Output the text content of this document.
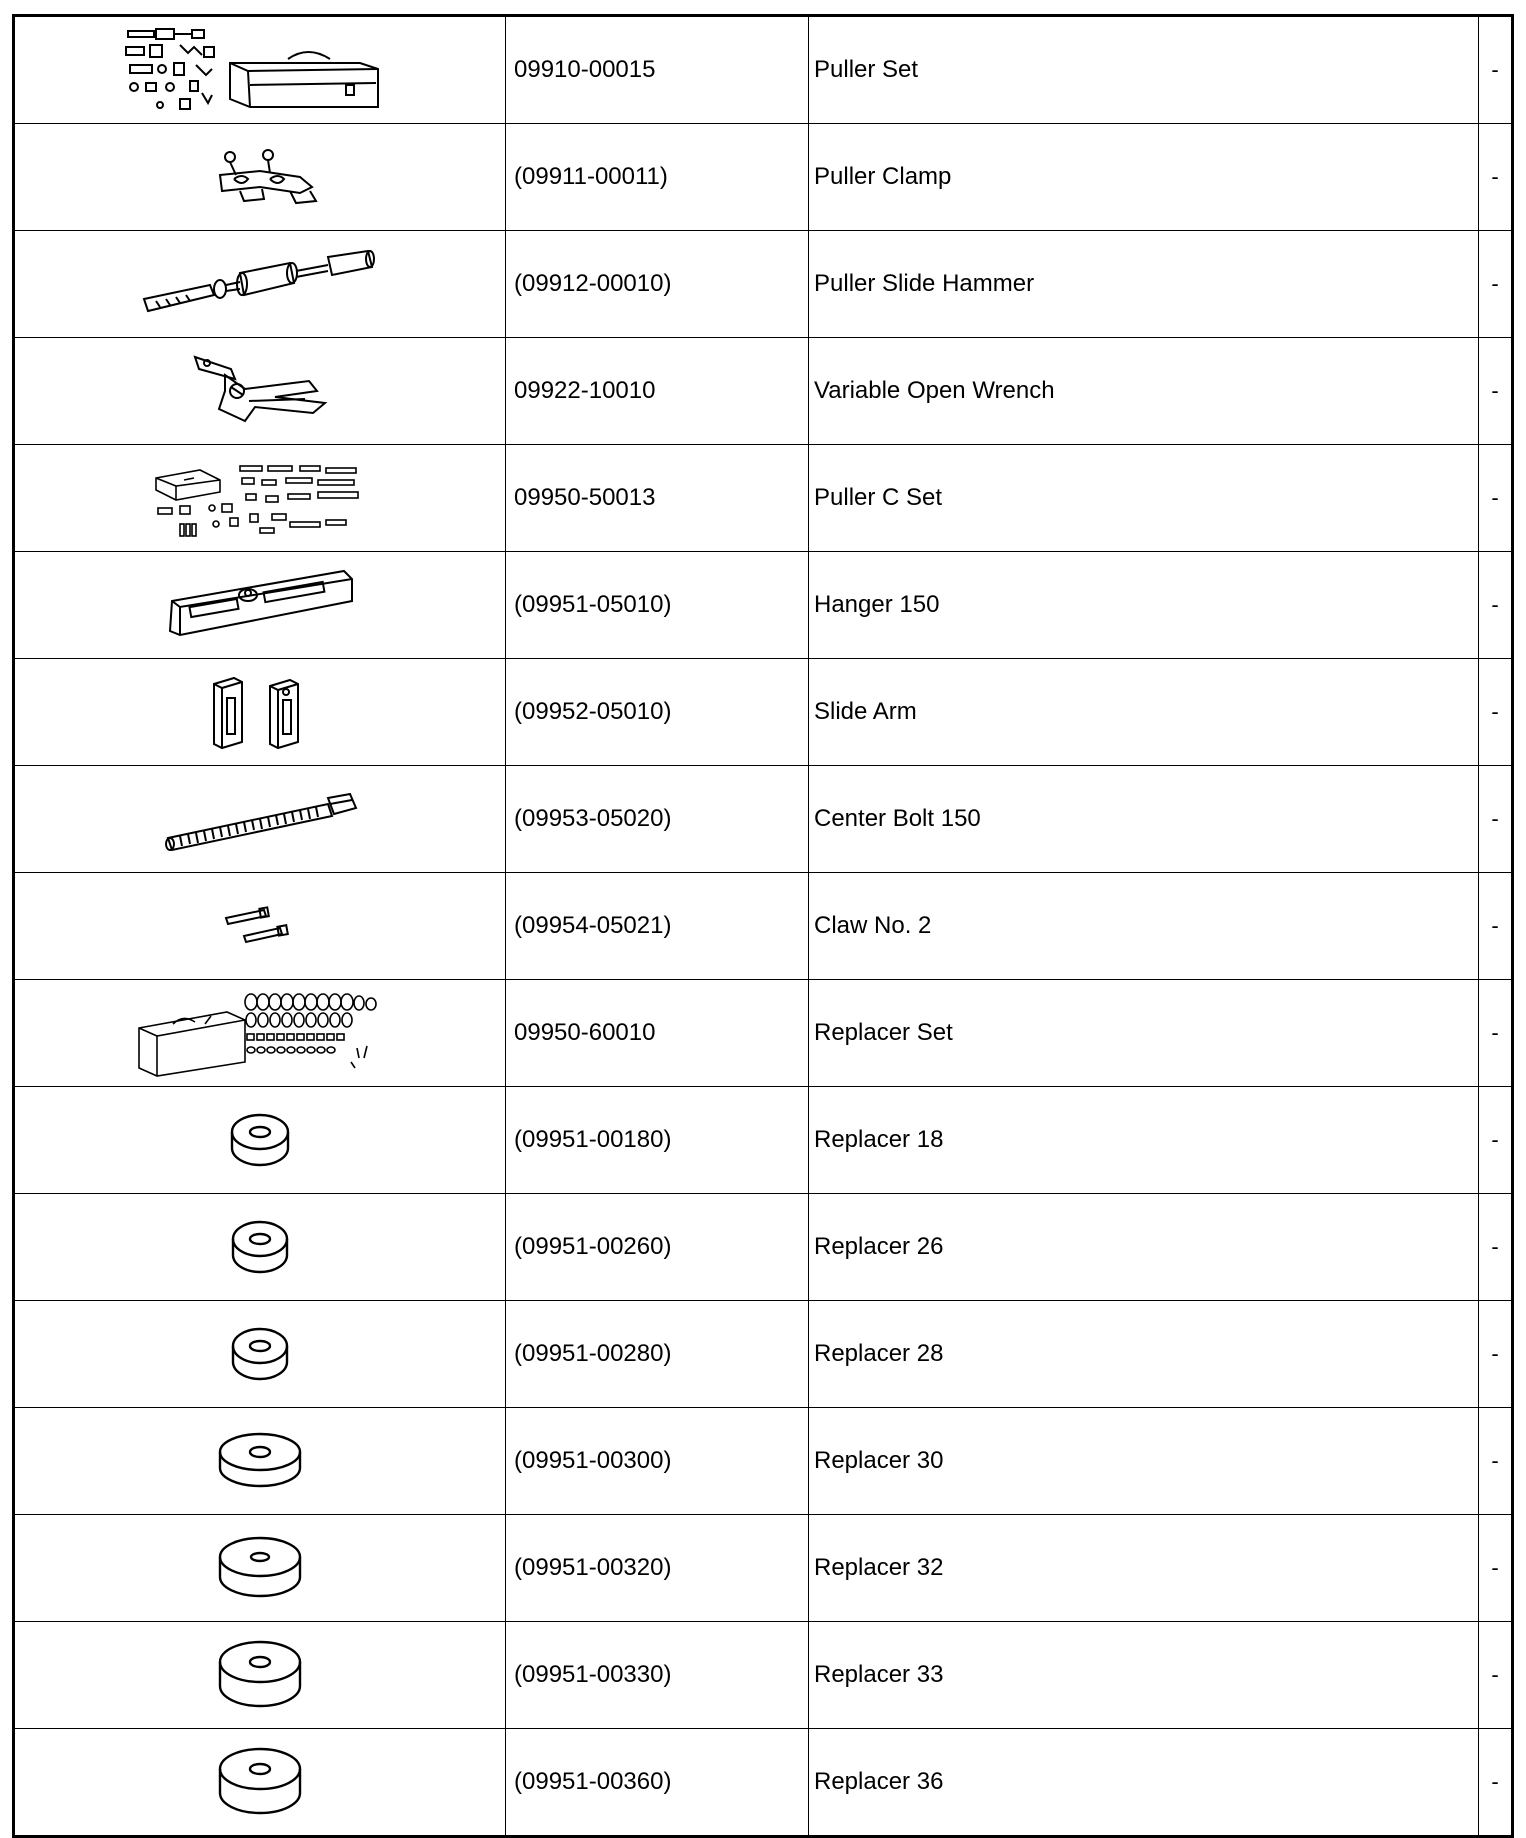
	09910-00015	Puller Set	-

	(09911-00011)	Puller Clamp	-

	(09912-00010)	Puller Slide Hammer	-

	09922-10010	Variable Open Wrench	-

	09950-50013	Puller C Set	-

	(09951-05010)	Hanger 150	-

	(09952-05010)	Slide Arm	-

	(09953-05020)	Center Bolt 150	-

	(09954-05021)	Claw No. 2	-

	09950-60010	Replacer Set	-

	(09951-00180)	Replacer 18	-

	(09951-00260)	Replacer 26	-

	(09951-00280)	Replacer 28	-

	(09951-00300)	Replacer 30	-

	(09951-00320)	Replacer 32	-

	(09951-00330)	Replacer 33	-

	(09951-00360)	Replacer 36	-
